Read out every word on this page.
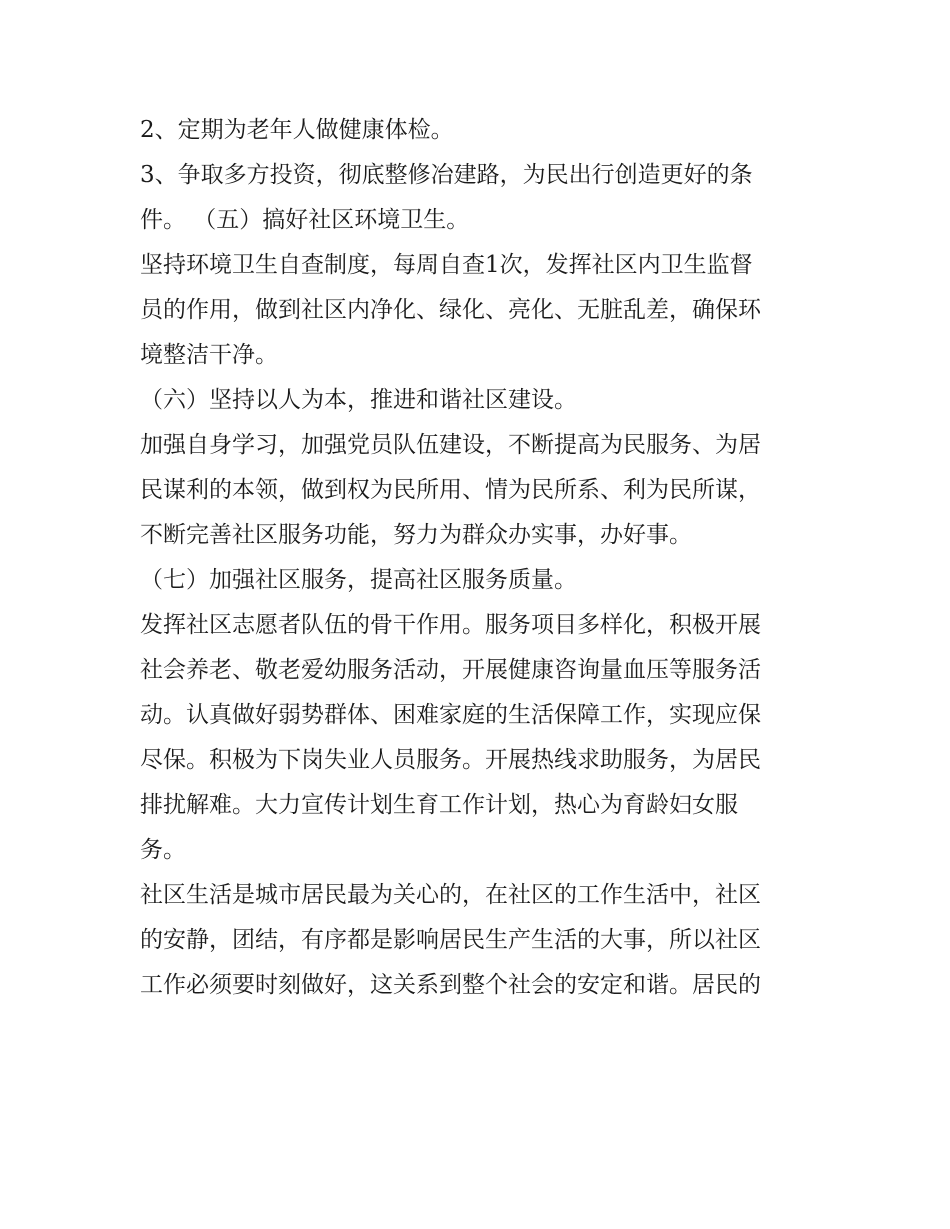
2、定期为老年人做健康体检。

3、争取多方投资，彻底整修冶建路，为民出行创造更好的条

件。 （五）搞好社区环境卫生。

坚持环境卫生自查制度，每周自查1次，发挥社区内卫生监督

员的作用，做到社区内净化、绿化、亮化、无脏乱差，确保环

境整洁干净。

（六）坚持以人为本，推进和谐社区建设。

加强自身学习，加强党员队伍建设，不断提高为民服务、为居

民谋利的本领，做到权为民所用、情为民所系、利为民所谋，

不断完善社区服务功能，努力为群众办实事，办好事。

（七）加强社区服务，提高社区服务质量。

发挥社区志愿者队伍的骨干作用。服务项目多样化，积极开展

社会养老、敬老爱幼服务活动，开展健康咨询量血压等服务活

动。认真做好弱势群体、困难家庭的生活保障工作，实现应保

尽保。积极为下岗失业人员服务。开展热线求助服务，为居民

排扰解难。大力宣传计划生育工作计划，热心为育龄妇女服

务。

社区生活是城市居民最为关心的，在社区的工作生活中，社区

的安静，团结，有序都是影响居民生产生活的大事，所以社区

工作必须要时刻做好，这关系到整个社会的安定和谐。居民的
